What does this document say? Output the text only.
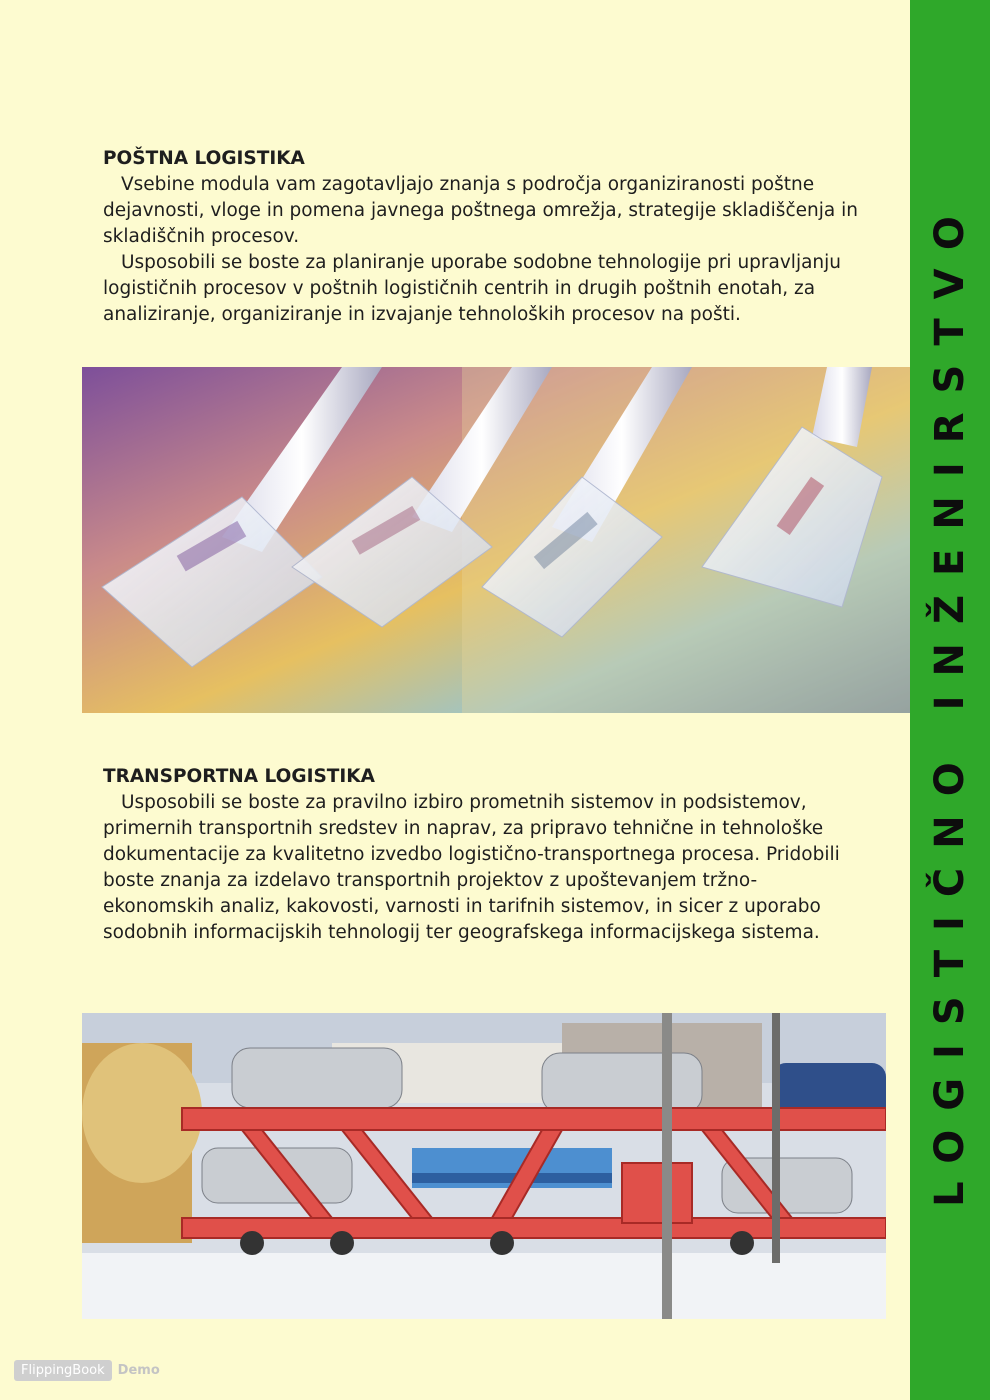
POŠTNA LOGISTIKA

Vsebine modula vam zagotavljajo znanja s področja organiziranosti poštne dejavnosti, vloge in pomena javnega poštnega omrežja, strategije skladiščenja in skladiščnih procesov.

Usposobili se boste za planiranje uporabe sodobne tehnologije pri upravljanju logističnih procesov v poštnih logističnih centrih in drugih poštnih enotah, za analiziranje, organiziranje in izvajanje tehnoloških procesov na pošti.

TRANSPORTNA LOGISTIKA

Usposobili se boste za pravilno izbiro prometnih sistemov in podsistemov, primernih transportnih sredstev in naprav, za pripravo tehnične in tehnološke dokumentacije za kvalitetno izvedbo logistično-transportnega procesa. Pridobili boste znanja za izdelavo transportnih projektov z upoštevanjem tržno-ekonomskih analiz, kakovosti, varnosti in tarifnih sistemov, in sicer z uporabo sodobnih informacijskih tehnologij ter geografskega informacijskega sistema.	LOGISTIČNO INŽENIRSTVO
FlippingBook	Demo
